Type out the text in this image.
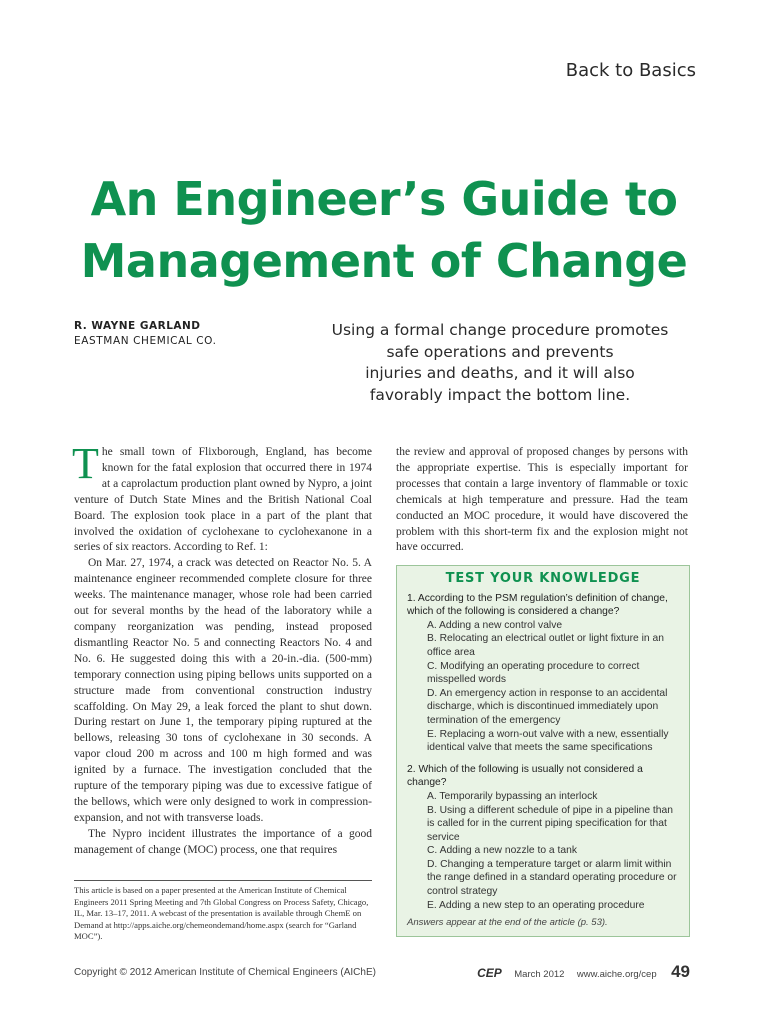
Back to Basics
An Engineer’s Guide to
Management of Change
R. WAYNE GARLAND
EASTMAN CHEMICAL CO.
Using a formal change procedure promotes
safe operations and prevents
injuries and deaths, and it will also
favorably impact the bottom line.

The small town of Flixborough, England, has become known for the fatal explosion that occurred there in 1974 at a caprolactum production plant owned by Nypro, a joint venture of Dutch State Mines and the British National Coal Board. The explosion took place in a part of the plant that involved the oxidation of cyclohexane to cyclohexanone in a series of six reactors. According to Ref. 1:

On Mar. 27, 1974, a crack was detected on Reactor No. 5. A maintenance engineer recommended complete closure for three weeks. The maintenance manager, whose role had been carried out for several months by the head of the laboratory while a company reorganization was pending, instead proposed dismantling Reactor No. 5 and connecting Reactors No. 4 and No. 6. He suggested doing this with a 20-in.-dia. (500-mm) temporary connection using piping bellows units supported on a structure made from conventional construction industry scaffolding. On May 29, a leak forced the plant to shut down. During restart on June 1, the temporary piping ruptured at the bellows, releasing 30 tons of cyclohexane in 30 seconds. A vapor cloud 200 m across and 100 m high formed and was ignited by a furnace. The investigation concluded that the rupture of the temporary piping was due to excessive fatigue of the bellows, which were only designed to work in compression-expansion, and not with transverse loads.

The Nypro incident illustrates the importance of a good management of change (MOC) process, one that requires

This article is based on a paper presented at the American Institute of Chemical Engineers 2011 Spring Meeting and 7th Global Congress on Process Safety, Chicago, IL, Mar. 13–17, 2011. A webcast of the presentation is available through ChemE on Demand at http://apps.aiche.org/chemeondemand/home.aspx (search for “Garland MOC”).

the review and approval of proposed changes by persons with the appropriate expertise. This is especially important for processes that contain a large inventory of flammable or toxic chemicals at high temperature and pressure. Had the team conducted an MOC procedure, it would have discovered the problem with this short-term fix and the explosion might not have occurred.

TEST YOUR KNOWLEDGE
1. According to the PSM regulation’s definition of change, which of the following is considered a change?
A. Adding a new control valve
B. Relocating an electrical outlet or light fixture in an office area
C. Modifying an operating procedure to correct misspelled words
D. An emergency action in response to an accidental discharge, which is discontinued immediately upon termination of the emergency
E. Replacing a worn-out valve with a new, essentially identical valve that meets the same specifications
2. Which of the following is usually not considered a change?
A. Temporarily bypassing an interlock
B. Using a different schedule of pipe in a pipeline than is called for in the current piping specification for that service
C. Adding a new nozzle to a tank
D. Changing a temperature target or alarm limit within the range defined in a standard operating procedure or control strategy
E. Adding a new step to an operating procedure
Answers appear at the end of the article (p. 53).
Copyright © 2012 American Institute of Chemical Engineers (AIChE)	CEP March 2012 www.aiche.org/cep 49
